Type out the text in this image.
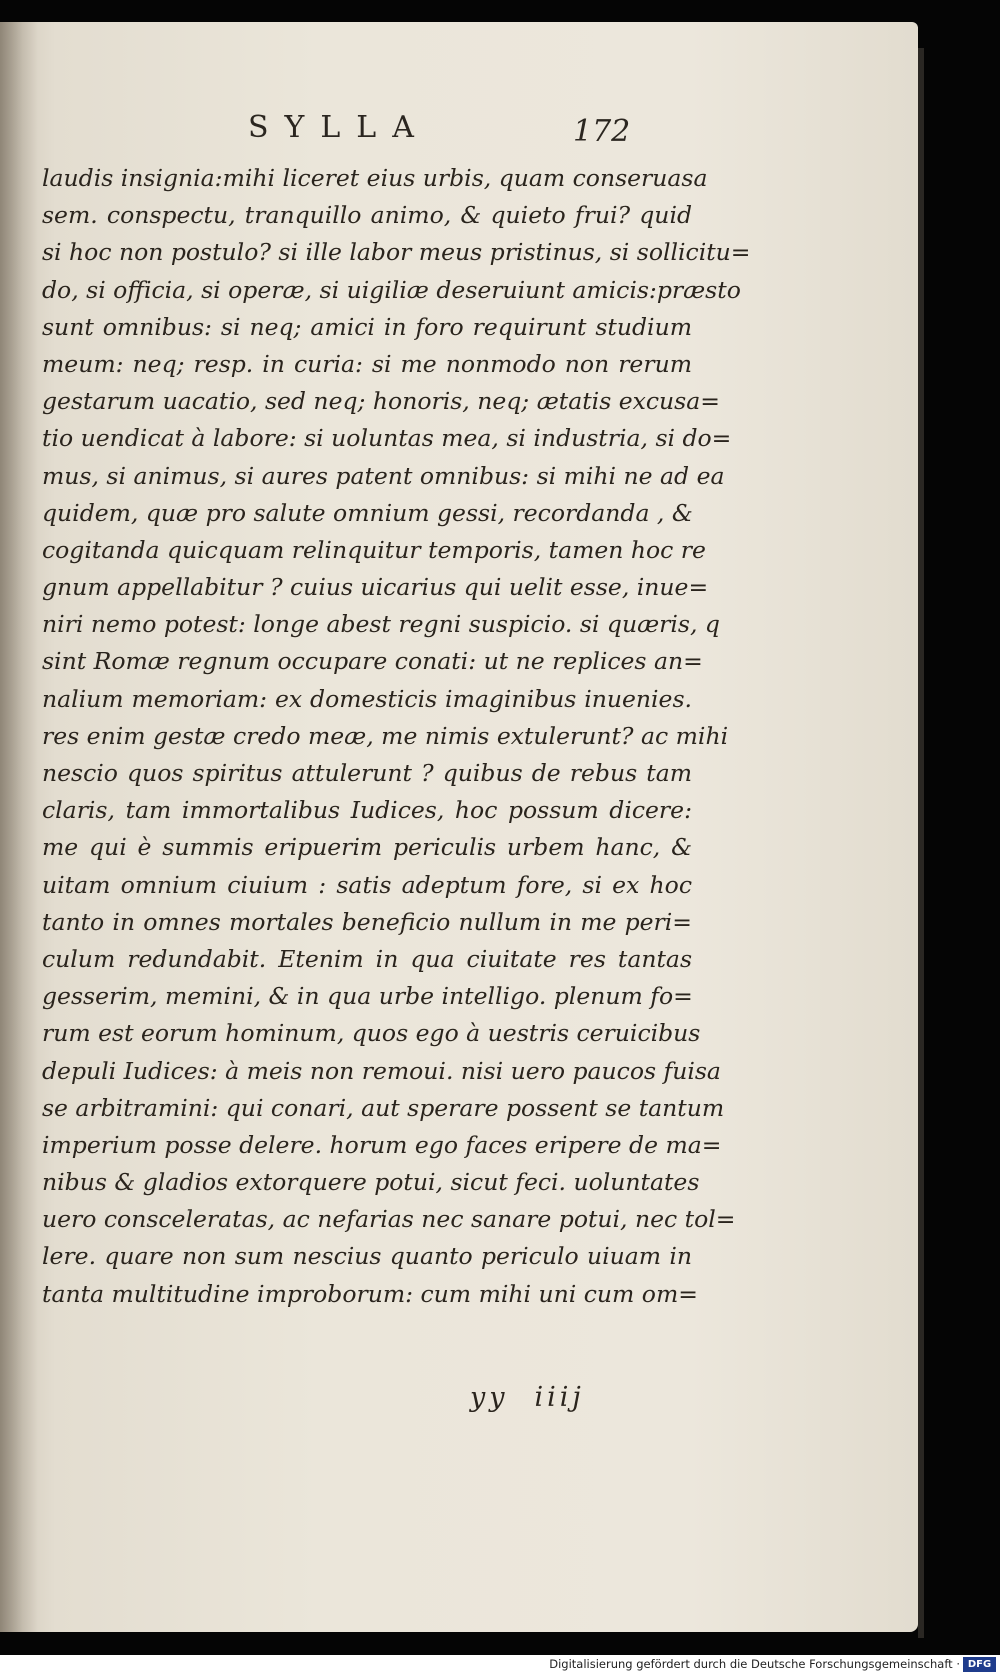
SYLLA	172
laudis insignia:mihi liceret eius urbis, quam conseruasa
sem. conspectu, tranquillo animo, & quieto frui? quid
si hoc non postulo? si ille labor meus pristinus, si sollicitu=
do, si officia, si operæ, si uigiliæ deseruiunt amicis:præsto
sunt omnibus: si neq; amici in foro requirunt studium
meum: neq; resp. in curia: si me nonmodo non rerum
gestarum uacatio, sed neq; honoris, neq; ætatis excusa=
tio uendicat à labore: si uoluntas mea, si industria, si do=
mus, si animus, si aures patent omnibus: si mihi ne ad ea
quidem, quæ pro salute omnium gessi, recordanda , &
cogitanda quicquam relinquitur temporis, tamen hoc re
gnum appellabitur ? cuius uicarius qui uelit esse, inue=
niri nemo potest: longe abest regni suspicio. si quæris, q
sint Romæ regnum occupare conati: ut ne replices an=
nalium memoriam: ex domesticis imaginibus inuenies.
res enim gestæ credo meæ, me nimis extulerunt? ac mihi
nescio quos spiritus attulerunt ? quibus de rebus tam
claris, tam immortalibus Iudices, hoc possum dicere:
me qui è summis eripuerim periculis urbem hanc, &
uitam omnium ciuium : satis adeptum fore, si ex hoc
tanto in omnes mortales beneficio nullum in me peri=
culum redundabit. Etenim in qua ciuitate res tantas
gesserim, memini, & in qua urbe intelligo. plenum fo=
rum est eorum hominum, quos ego à uestris ceruicibus
depuli Iudices: à meis non remoui. nisi uero paucos fuisa
se arbitramini: qui conari, aut sperare possent se tantum
imperium posse delere. horum ego faces eripere de ma=
nibus & gladios extorquere potui, sicut feci. uoluntates
uero consceleratas, ac nefarias nec sanare potui, nec tol=
lere. quare non sum nescius quanto periculo uiuam in
tanta multitudine improborum: cum mihi uni cum om=
yy iiij
Digitalisierung gefördert durch die Deutsche Forschungsgemeinschaft · DFG
